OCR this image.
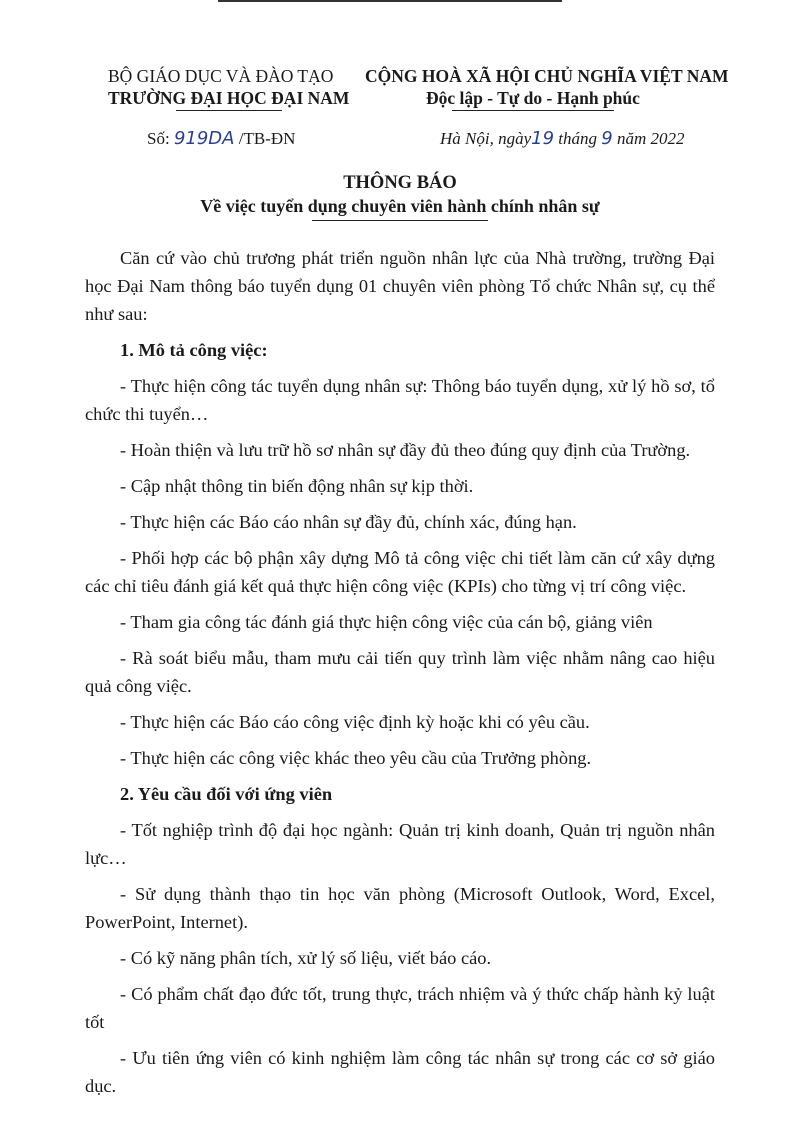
BỘ GIÁO DỤC VÀ ĐÀO TẠO
TRƯỜNG ĐẠI HỌC ĐẠI NAM
CỘNG HOÀ XÃ HỘI CHỦ NGHĨA VIỆT NAM
Độc lập - Tự do - Hạnh phúc
Số: 919DA /TB-ĐN	Hà Nội, ngày19 tháng 9 năm 2022
THÔNG BÁO
Về việc tuyển dụng chuyên viên hành chính nhân sự

Căn cứ vào chủ trương phát triển nguồn nhân lực của Nhà trường, trường Đại học Đại Nam thông báo tuyển dụng 01 chuyên viên phòng Tổ chức Nhân sự, cụ thể như sau:

1. Mô tả công việc:

- Thực hiện công tác tuyển dụng nhân sự: Thông báo tuyển dụng, xử lý hồ sơ, tổ chức thi tuyển…

- Hoàn thiện và lưu trữ hồ sơ nhân sự đầy đủ theo đúng quy định của Trường.

- Cập nhật thông tin biến động nhân sự kịp thời.

- Thực hiện các Báo cáo nhân sự đầy đủ, chính xác, đúng hạn.

- Phối hợp các bộ phận xây dựng Mô tả công việc chi tiết làm căn cứ xây dựng các chỉ tiêu đánh giá kết quả thực hiện công việc (KPIs) cho từng vị trí công việc.

- Tham gia công tác đánh giá thực hiện công việc của cán bộ, giảng viên

- Rà soát biểu mẫu, tham mưu cải tiến quy trình làm việc nhằm nâng cao hiệu quả công việc.

- Thực hiện các Báo cáo công việc định kỳ hoặc khi có yêu cầu.

- Thực hiện các công việc khác theo yêu cầu của Trưởng phòng.

2. Yêu cầu đối với ứng viên

- Tốt nghiệp trình độ đại học ngành: Quản trị kinh doanh, Quản trị nguồn nhân lực…

- Sử dụng thành thạo tin học văn phòng (Microsoft Outlook, Word, Excel, PowerPoint, Internet).

- Có kỹ năng phân tích, xử lý số liệu, viết báo cáo.

- Có phẩm chất đạo đức tốt, trung thực, trách nhiệm và ý thức chấp hành kỷ luật tốt

- Ưu tiên ứng viên có kinh nghiệm làm công tác nhân sự trong các cơ sở giáo dục.
